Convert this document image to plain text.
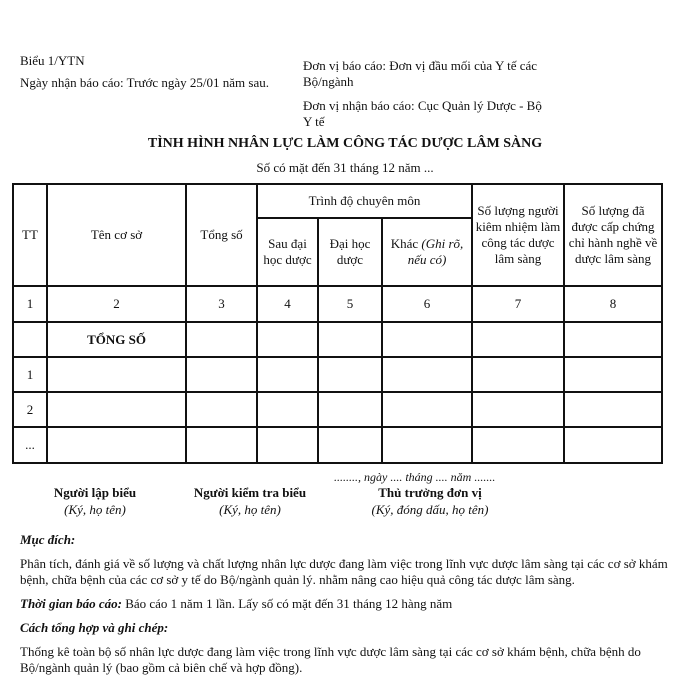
Biểu 1/YTN
Ngày nhận báo cáo: Trước ngày 25/01 năm sau.
Đơn vị báo cáo: Đơn vị đầu mối của Y tế các Bộ/ngành
Đơn vị nhận báo cáo: Cục Quản lý Dược - Bộ Y tế
TÌNH HÌNH NHÂN LỰC LÀM CÔNG TÁC DƯỢC LÂM SÀNG
Số có mặt đến 31 tháng 12 năm ...
TT	Tên cơ sở	Tổng số	Trình độ chuyên môn			Số lượng người kiêm nhiệm làm công tác dược lâm sàng	Số lượng đã được cấp chứng chỉ hành nghề về dược lâm sàng
			Sau đại học dược	Đại học dược	Khác (Ghi rõ, nếu có)		
1	2	3	4	5	6	7	8
	TỔNG SỐ						
1							
2							
...							
........, ngày .... tháng .... năm .......
Người lập biểu
(Ký, họ tên)
Người kiểm tra biểu
(Ký, họ tên)
Thủ trưởng đơn vị
(Ký, đóng dấu, họ tên)

Mục đích:

Phân tích, đánh giá về số lượng và chất lượng nhân lực dược đang làm việc trong lĩnh vực dược lâm sàng tại các cơ sở khám bệnh, chữa bệnh của các cơ sở y tế do Bộ/ngành quản lý. nhằm nâng cao hiệu quả công tác dược lâm sàng.

Thời gian báo cáo: Báo cáo 1 năm 1 lần. Lấy số có mặt đến 31 tháng 12 hàng năm

Cách tổng hợp và ghi chép:

Thống kê toàn bộ số nhân lực dược đang làm việc trong lĩnh vực dược lâm sàng tại các cơ sở khám bệnh, chữa bệnh do Bộ/ngành quản lý (bao gồm cả biên chế và hợp đồng).
